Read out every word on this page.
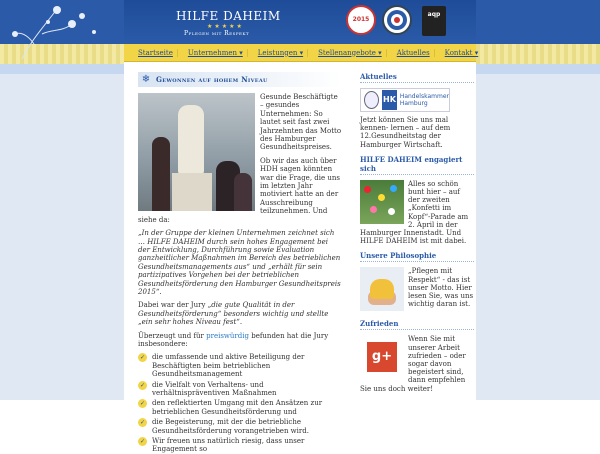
HILFE DAHEIM
★★★★★
Pflegen mit Respekt
2015
aqp
Startseite	Unternehmen ▾	Leistungen ▾	Stellenangebote ▾	Aktuelles	Kontakt ▾
❄ Gewonnen auf hohem Niveau

Gesunde Beschäftigte – gesundes Unternehmen: So lautet seit fast zwei Jahrzehnten das Motto des Hamburger Gesundheitspreises.

Ob wir das auch über HDH sagen könnten war die Frage, die uns im letzten Jahr motiviert hatte an der Ausschreibung teilzunehmen. Und siehe da:

„In der Gruppe der kleinen Unternehmen zeichnet sich … HILFE DAHEIM durch sein hohes Engagement bei der Entwicklung, Durchführung sowie Evaluation ganzheitlicher Maßnahmen im Bereich des betrieblichen Gesundheitsmanagements aus“ und „erhält für sein partizipatives Vorgehen bei der betrieblichen Gesundheitsförderung den Hamburger Gesundheitspreis 2015“.

Dabei war der Jury „die gute Qualität in der Gesundheitsförderung“ besonders wichtig und stellte „ein sehr hohes Niveau fest“.

Überzeugt und für preiswürdig befunden hat die Jury insbesondere:

✓ die umfassende und aktive Beteiligung der Beschäftigten beim betrieblichen Gesundheitsmanagement
✓ die Vielfalt von Verhaltens- und verhältnispräventiven Maßnahmen
✓ den reflektierten Umgang mit den Ansätzen zur betrieblichen Gesundheitsförderung und
✓ die Begeisterung, mit der die betriebliche Gesundheitsförderung vorangetrieben wird.
✓ Wir freuen uns natürlich riesig, dass unser Engagement so
Aktuelles
HK Handelskammer
Hamburg
Jetzt können Sie uns mal kennen- lernen – auf dem 12.Gesundheitstag der Hamburger Wirtschaft.
HILFE DAHEIM engagiert sich
Alles so schön bunt hier – auf der zweiten „Konfetti im Kopf“-Parade am 2. April in der Hamburger Innenstadt. Und HILFE DAHEIM ist mit dabei.
Unsere Philosophie
„Pflegen mit Respekt“ - das ist unser Motto. Hier lesen Sie, was uns wichtig daran ist.
Zufrieden
g+
Wenn Sie mit unserer Arbeit zufrieden – oder sogar davon begeistert sind, dann empfehlen Sie uns doch weiter!
